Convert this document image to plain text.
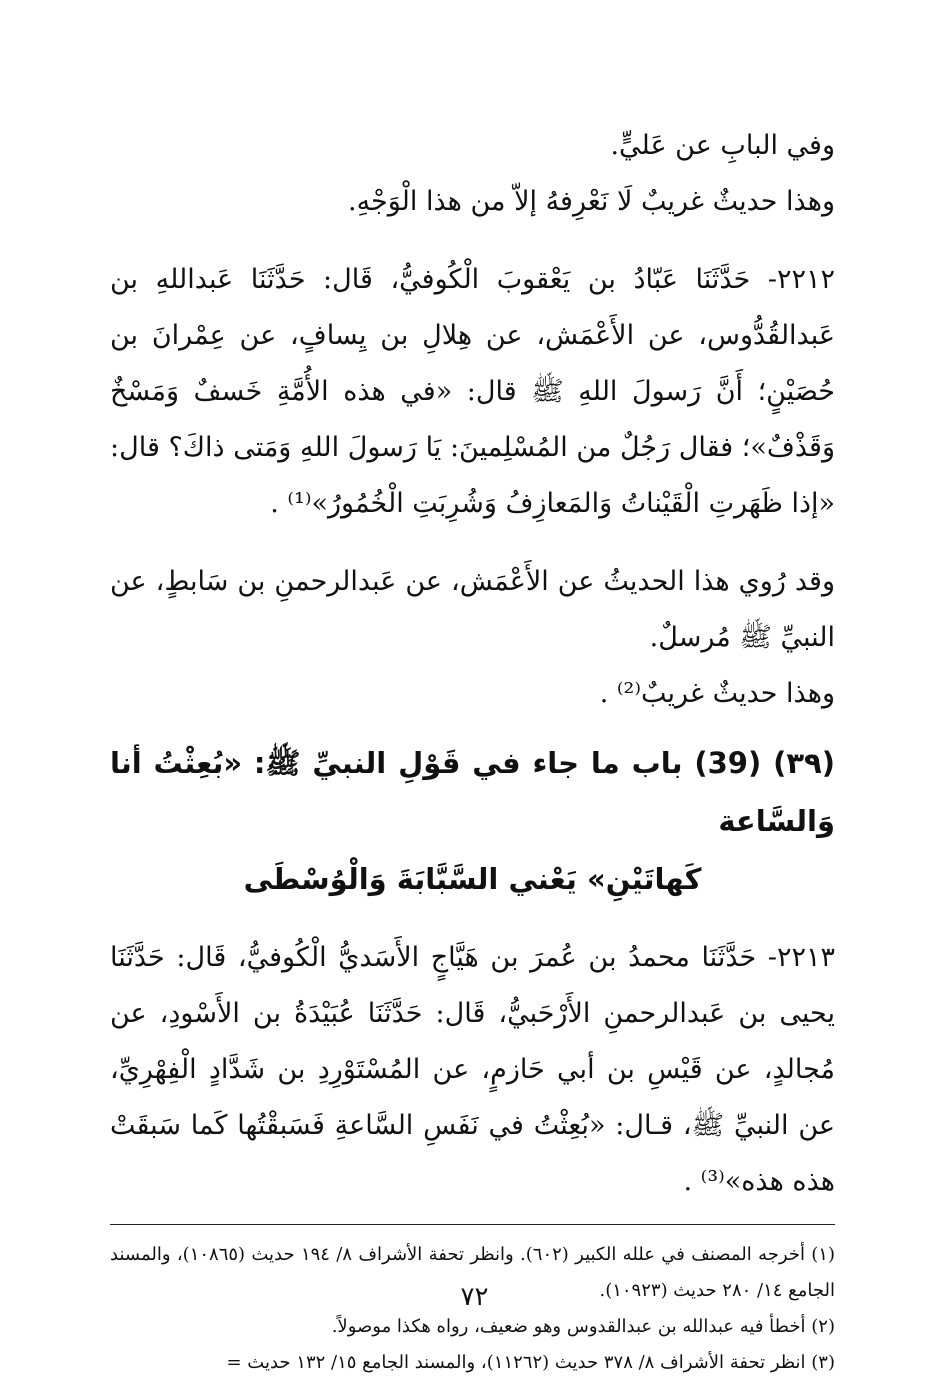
وفي البابِ عن عَليٍّ.

وهذا حديثٌ غريبٌ لَا نَعْرِفهُ إلاّ من هذا الْوَجْهِ.

٢٢١٢- حَدَّثَنَا عَبّادُ بن يَعْقوبَ الْكُوفيُّ، قَال: حَدَّثَنَا عَبداللهِ بن عَبدالقُدُّوس، عن الأَعْمَش، عن هِلالِ بن يِسافٍ، عن عِمْرانَ بن حُصَيْنٍ؛ أَنَّ رَسولَ اللهِ ﷺ قال: «في هذه الأُمَّةِ خَسفٌ وَمَسْخٌ وَقَذْفٌ»؛ فقال رَجُلٌ من المُسْلِمينَ: يَا رَسولَ اللهِ وَمَتى ذاكَ؟ قال: «إذا ظَهَرتِ الْقَيْناتُ وَالمَعازِفُ وَشُرِبَتِ الْخُمُورُ»⁽¹⁾ .

وقد رُوي هذا الحديثُ عن الأَعْمَش، عن عَبدالرحمنِ بن سَابطٍ، عن النبيِّ ﷺ مُرسلٌ.

وهذا حديثٌ غريبٌ⁽²⁾ .

(٣٩) (39) باب ما جاء في قَوْلِ النبيِّ ﷺ: «بُعِثْتُ أنا وَالسَّاعة
كَهاتَيْنِ» يَعْني السَّبَّابَةَ وَالْوُسْطَى

٢٢١٣- حَدَّثَنَا محمدُ بن عُمرَ بن هَيَّاجٍ الأَسَديُّ الْكُوفيُّ، قَال: حَدَّثَنَا يحيى بن عَبدالرحمنِ الأَرْحَبيُّ، قَال: حَدَّثَنَا عُبَيْدَةُ بن الأَسْودِ، عن مُجالدٍ، عن قَيْسِ بن أبي حَازمٍ، عن المُسْتَوْرِدِ بن شَدَّادٍ الْفِهْرِيِّ، عن النبيِّ ﷺ، قـال: «بُعِثْتُ في نَفَسِ السَّاعةِ فَسَبقْتُها كَما سَبقَتْ هذه هذه»⁽³⁾ .

(١) أخرجه المصنف في علله الكبير (٦٠٢). وانظر تحفة الأشراف ٨/ ١٩٤ حديث (١٠٨٦٥)، والمسند الجامع ١٤/ ٢٨٠ حديث (١٠٩٢٣).

(٢) أخطأ فيه عبدالله بن عبدالقدوس وهو ضعيف، رواه هكذا موصولاً.

(٣) انظر تحفة الأشراف ٨/ ٣٧٨ حديث (١١٢٦٢)، والمسند الجامع ١٥/ ١٣٢ حديث =

٧٢
